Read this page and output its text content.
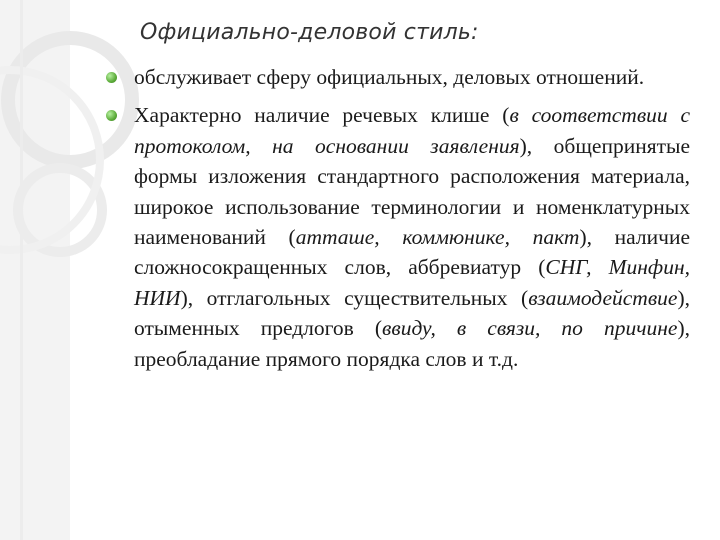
Официально-деловой стиль:

обслуживает сферу официальных, деловых отношений.

Характерно наличие речевых клише (в соответствии с протоколом, на основании заявления), общепринятые формы изложения стандартного расположения материала, широкое использование терминологии и номенклатурных наименований (атташе, коммюнике, пакт), наличие сложносокращенных слов, аббревиатур (СНГ, Минфин, НИИ), отглагольных существительных (взаимодействие), отыменных предлогов (ввиду, в связи, по причине), преобладание прямого порядка слов и т.д.
